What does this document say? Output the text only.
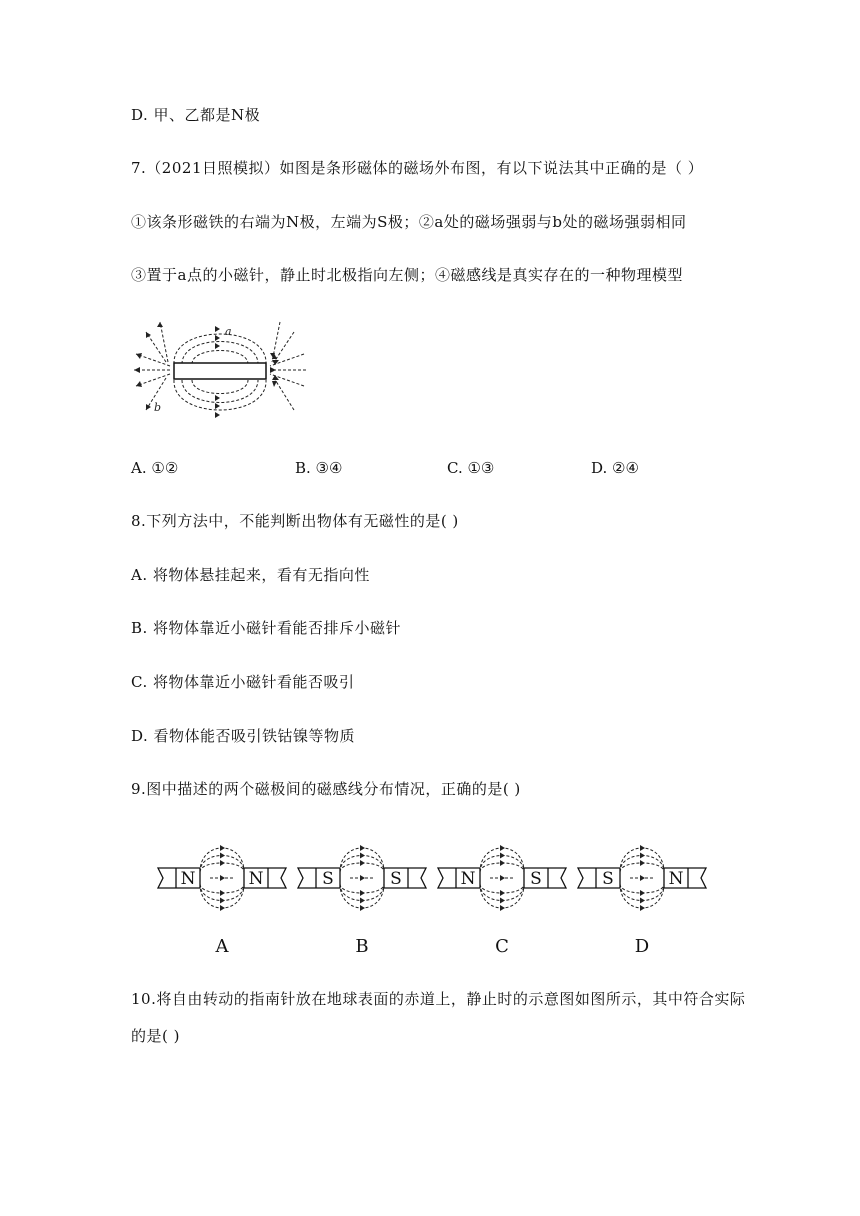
D. 甲、乙都是N极
7.（2021日照模拟）如图是条形磁体的磁场外布图，有以下说法其中正确的是（ ）
①该条形磁铁的右端为N极，左端为S极；②a处的磁场强弱与b处的磁场强弱相同
③置于a点的小磁针，静止时北极指向左侧；④磁感线是真实存在的一种物理模型
a
b
A. ①②	B. ③④	C. ①③	D. ②④
8.下列方法中，不能判断出物体有无磁性的是( )
A. 将物体悬挂起来，看有无指向性
B. 将物体靠近小磁针看能否排斥小磁针
C. 将物体靠近小磁针看能否吸引
D. 看物体能否吸引铁钴镍等物质
9.图中描述的两个磁极间的磁感线分布情况，正确的是( )
N	N
A
S	S
B
N	S
C
S	N
D
10.将自由转动的指南针放在地球表面的赤道上，静止时的示意图如图所示，其中符合实际
的是( )
